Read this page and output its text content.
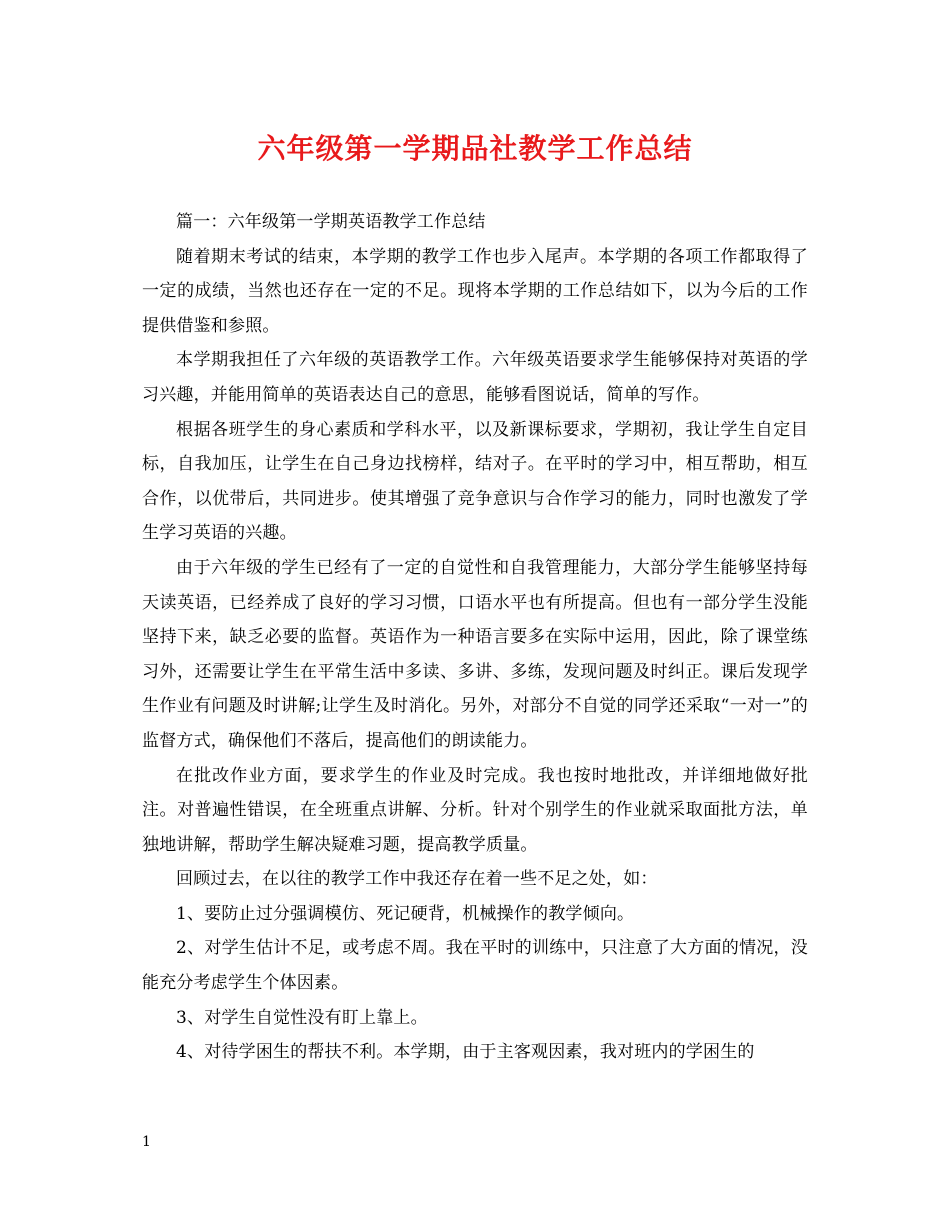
六年级第一学期品社教学工作总结

篇一：六年级第一学期英语教学工作总结

随着期末考试的结束，本学期的教学工作也步入尾声。本学期的各项工作都取得了一定的成绩，当然也还存在一定的不足。现将本学期的工作总结如下，以为今后的工作提供借鉴和参照。

本学期我担任了六年级的英语教学工作。六年级英语要求学生能够保持对英语的学习兴趣，并能用简单的英语表达自己的意思，能够看图说话，简单的写作。

根据各班学生的身心素质和学科水平，以及新课标要求，学期初，我让学生自定目标，自我加压，让学生在自己身边找榜样，结对子。在平时的学习中，相互帮助，相互合作，以优带后，共同进步。使其增强了竞争意识与合作学习的能力，同时也激发了学生学习英语的兴趣。

由于六年级的学生已经有了一定的自觉性和自我管理能力，大部分学生能够坚持每天读英语，已经养成了良好的学习习惯，口语水平也有所提高。但也有一部分学生没能坚持下来，缺乏必要的监督。英语作为一种语言要多在实际中运用，因此，除了课堂练习外，还需要让学生在平常生活中多读、多讲、多练，发现问题及时纠正。课后发现学生作业有问题及时讲解;让学生及时消化。另外，对部分不自觉的同学还采取“一对一”的监督方式，确保他们不落后，提高他们的朗读能力。

在批改作业方面，要求学生的作业及时完成。我也按时地批改，并详细地做好批注。对普遍性错误，在全班重点讲解、分析。针对个别学生的作业就采取面批方法，单独地讲解，帮助学生解决疑难习题，提高教学质量。

回顾过去，在以往的教学工作中我还存在着一些不足之处，如：

1、要防止过分强调模仿、死记硬背，机械操作的教学倾向。

2、对学生估计不足，或考虑不周。我在平时的训练中，只注意了大方面的情况，没能充分考虑学生个体因素。

3、对学生自觉性没有盯上靠上。

4、对待学困生的帮扶不利。本学期，由于主客观因素，我对班内的学困生的

1
